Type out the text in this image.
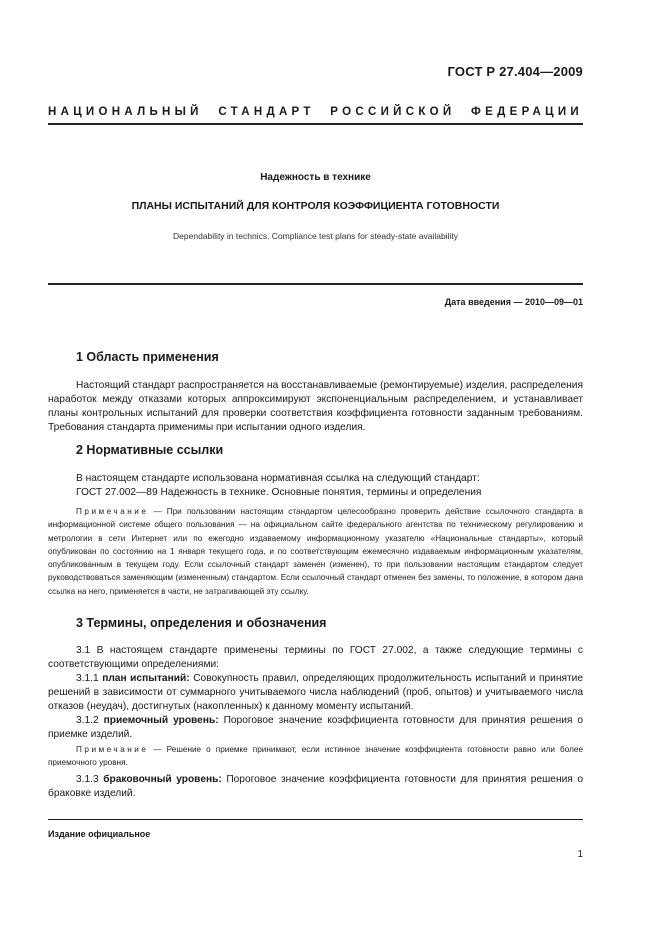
ГОСТ Р 27.404—2009
НАЦИОНАЛЬНЫЙ СТАНДАРТ РОССИЙСКОЙ ФЕДЕРАЦИИ
Надежность в технике
ПЛАНЫ ИСПЫТАНИЙ ДЛЯ КОНТРОЛЯ КОЭФФИЦИЕНТА ГОТОВНОСТИ
Dependability in technics. Compliance test plans for steady-state availability
Дата введения — 2010—09—01
1 Область применения

Настоящий стандарт распространяется на восстанавливаемые (ремонтируемые) изделия, распределения наработок между отказами которых аппроксимируют экспоненциальным распределением, и устанавливает планы контрольных испытаний для проверки соответствия коэффициента готовности заданным требованиям. Требования стандарта применимы при испытании одного изделия.

2 Нормативные ссылки

В настоящем стандарте использована нормативная ссылка на следующий стандарт:

ГОСТ 27.002—89 Надежность в технике. Основные понятия, термины и определения

Примечание — При пользовании настоящим стандартом целесообразно проверить действие ссылочного стандарта в информационной системе общего пользования — на официальном сайте федерального агентства по техническому регулированию и метрологии в сети Интернет или по ежегодно издаваемому информационному указателю «Национальные стандарты», который опубликован по состоянию на 1 января текущего года, и по соответствующим ежемесячно издаваемым информационным указателям, опубликованным в текущем году. Если ссылочный стандарт заменен (изменен), то при пользовании настоящим стандартом следует руководствоваться заменяющим (измененным) стандартом. Если ссылочный стандарт отменен без замены, то положение, в котором дана ссылка на него, применяется в части, не затрагивающей эту ссылку.

3 Термины, определения и обозначения

3.1 В настоящем стандарте применены термины по ГОСТ 27.002, а также следующие термины с соответствующими определениями:

3.1.1 план испытаний: Совокупность правил, определяющих продолжительность испытаний и принятие решений в зависимости от суммарного учитываемого числа наблюдений (проб, опытов) и учитываемого числа отказов (неудач), достигнутых (накопленных) к данному моменту испытаний.

3.1.2 приемочный уровень: Пороговое значение коэффициента готовности для принятия решения о приемке изделий.

Примечание — Решение о приемке принимают, если истинное значение коэффициента готовности равно или более приемочного уровня.

3.1.3 браковочный уровень: Пороговое значение коэффициента готовности для принятия решения о браковке изделий.

Издание официальное
1
